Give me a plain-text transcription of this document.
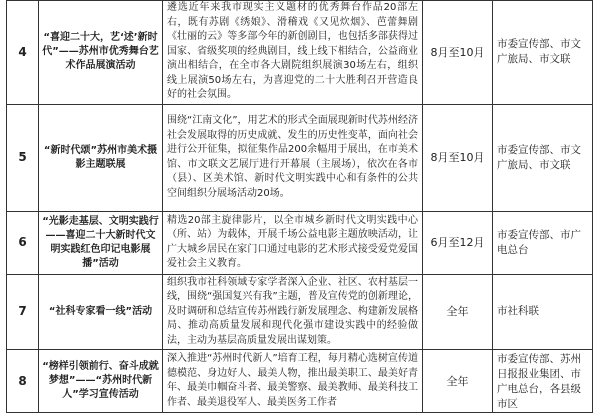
4	“喜迎二十大，艺‘述’新时代”——苏州市优秀舞台艺术作品展演活动	遴选近年来我市现实主义题材的优秀舞台作品20部左右，既有苏剧《绣娘》、滑稽戏《又见炊烟》、芭蕾舞剧《壮丽的云》等多部今年的新创剧目，也包括多部获得过国家、省级奖项的经典剧目，线上线下相结合，公益商业演出相结合，在全市各大剧院组织展演30场左右，组织线上展演50场左右，为喜迎党的二十大胜利召开营造良好的社会氛围。	8月至10月	市委宣传部、市文广旅局、市文联
5	“新时代颂”苏州市美术摄影主题联展	围绕“江南文化”，用艺术的形式全面展现新时代苏州经济社会发展取得的历史成就、发生的历史性变革，面向社会进行公开征集，拟征集作品200余幅用于展出，在市美术馆、市文联文艺展厅进行开幕展（主展场），依次在各市（县）、区美术馆、新时代文明实践中心和有条件的公共空间组织分展场活动20场。	8月至10月	市委宣传部、市文广旅局、市文联
6	“光影走基层、文明实践行——喜迎二十大新时代文明实践红色印记电影展播”活动	精选20部主旋律影片，以全市城乡新时代文明实践中心（所、站）为载体，开展千场公益电影主题放映活动，让广大城乡居民在家门口通过电影的艺术形式接受爱党爱国爱社会主义教育。	6月至12月	市委宣传部、市广电总台
7	“社科专家看一线”活动	组织我市社科领域专家学者深入企业、社区、农村基层一线，围绕“强国复兴有我”主题，普及宣传党的创新理论，及时调研和总结宣传苏州践行新发展理念、构建新发展格局、推动高质量发展和现代化强市建设实践中的经验做法，主动为基层高质量发展出谋划策。	全年	市社科联
8	“榜样引领前行、奋斗成就梦想”——“苏州时代新人”学习宣传活动	深入推进“苏州时代新人”培育工程，每月精心选树宣传道德模范、身边好人、最美人物，推出最美职工、最美好青年、最美巾帼奋斗者、最美警察、最美教师、最美科技工作者、最美退役军人、最美医务工作者	全年	市委宣传部、苏州日报报业集团、市广电总台，各县级市区
